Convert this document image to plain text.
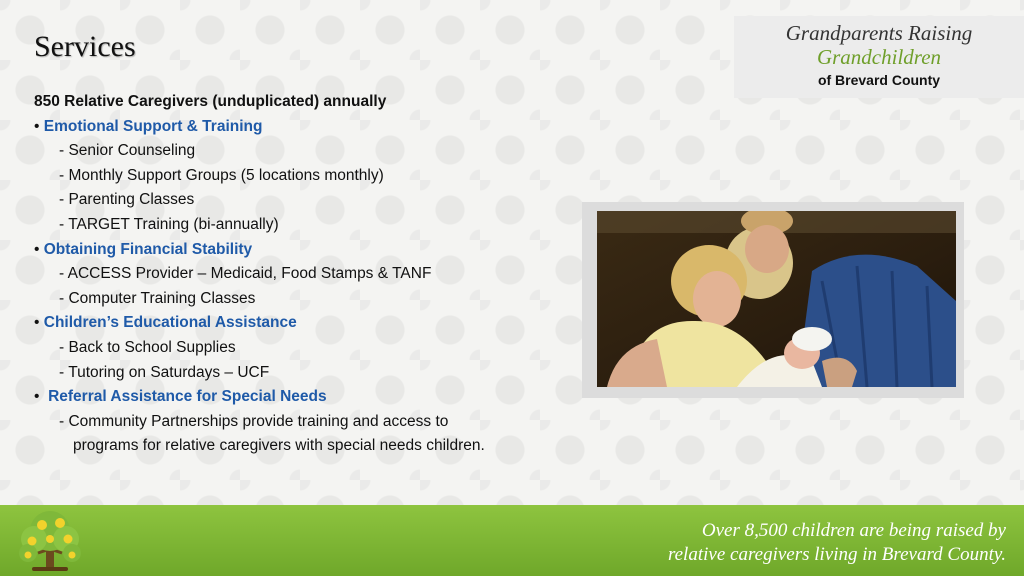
Services	Grandparents Raising
Grandchildren
of Brevard County
850 Relative Caregivers (unduplicated) annually
• Emotional Support & Training
- Senior Counseling
- Monthly Support Groups (5 locations monthly)
- Parenting Classes
- TARGET Training (bi-annually)
• Obtaining Financial Stability
- ACCESS Provider – Medicaid, Food Stamps & TANF
- Computer Training Classes
• Children’s Educational Assistance
- Back to School Supplies
- Tutoring on Saturdays – UCF
• Referral Assistance for Special Needs
- Community Partnerships provide training and access to
programs for relative caregivers with special needs children.
Over 8,500 children are being raised by
relative caregivers living in Brevard County.
